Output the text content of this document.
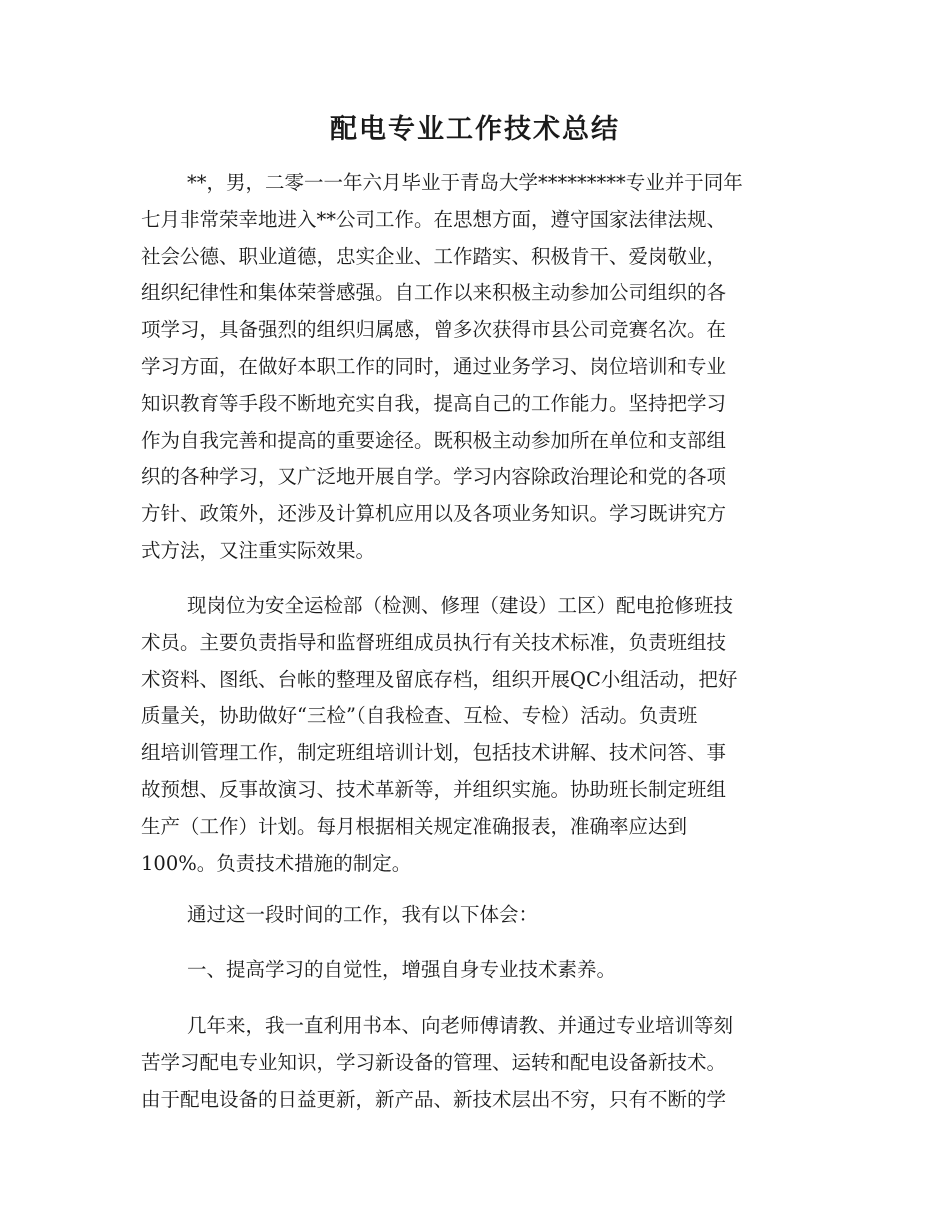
配电专业工作技术总结
**，男，二零一一年六月毕业于青岛大学*********专业并于同年
七月非常荣幸地进入**公司工作。在思想方面，遵守国家法律法规、
社会公德、职业道德，忠实企业、工作踏实、积极肯干、爱岗敬业，
组织纪律性和集体荣誉感强。自工作以来积极主动参加公司组织的各
项学习，具备强烈的组织归属感，曾多次获得市县公司竞赛名次。在
学习方面，在做好本职工作的同时，通过业务学习、岗位培训和专业
知识教育等手段不断地充实自我，提高自己的工作能力。坚持把学习
作为自我完善和提高的重要途径。既积极主动参加所在单位和支部组
织的各种学习，又广泛地开展自学。学习内容除政治理论和党的各项
方针、政策外，还涉及计算机应用以及各项业务知识。学习既讲究方
式方法，又注重实际效果。
现岗位为安全运检部（检测、修理（建设）工区）配电抢修班技
术员。主要负责指导和监督班组成员执行有关技术标准，负责班组技
术资料、图纸、台帐的整理及留底存档，组织开展QC小组活动，把好
质量关，协助做好“三检”（自我检查、互检、专检）活动。负责班
组培训管理工作，制定班组培训计划，包括技术讲解、技术问答、事
故预想、反事故演习、技术革新等，并组织实施。协助班长制定班组
生产（工作）计划。每月根据相关规定准确报表，准确率应达到
100%。负责技术措施的制定。
通过这一段时间的工作，我有以下体会：
一、提高学习的自觉性，增强自身专业技术素养。
几年来，我一直利用书本、向老师傅请教、并通过专业培训等刻
苦学习配电专业知识，学习新设备的管理、运转和配电设备新技术。
由于配电设备的日益更新，新产品、新技术层出不穷，只有不断的学
